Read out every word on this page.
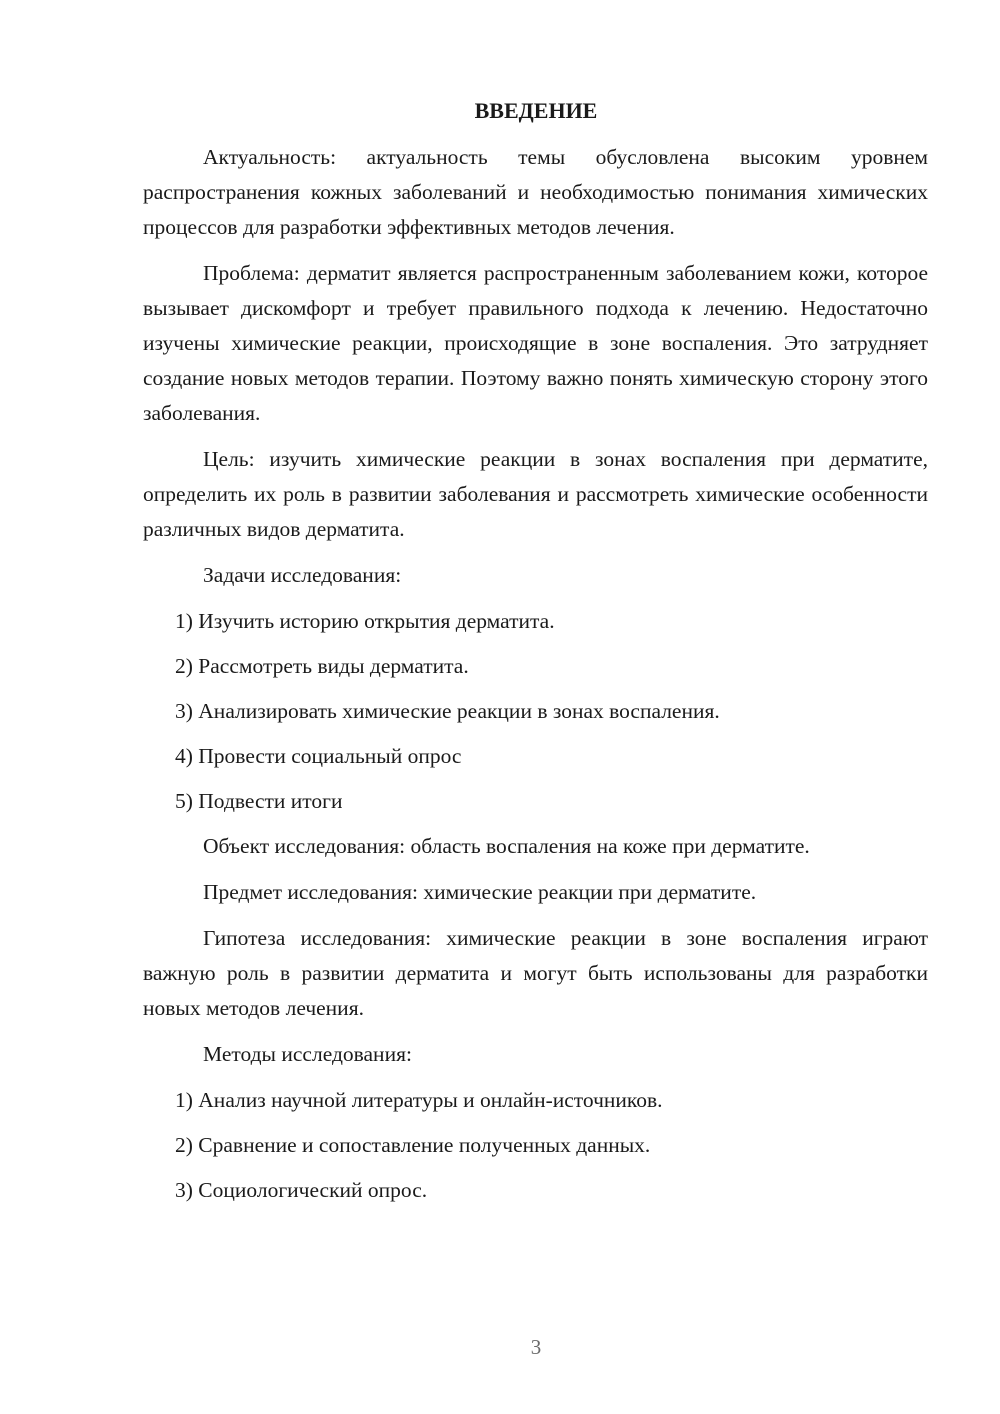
ВВЕДЕНИЕ

Актуальность: актуальность темы обусловлена высоким уровнем распространения кожных заболеваний и необходимостью понимания химических процессов для разработки эффективных методов лечения.

Проблема: дерматит является распространенным заболеванием кожи, которое вызывает дискомфорт и требует правильного подхода к лечению. Недостаточно изучены химические реакции, происходящие в зоне воспаления. Это затрудняет создание новых методов терапии. Поэтому важно понять химическую сторону этого заболевания.

Цель: изучить химические реакции в зонах воспаления при дерматите, определить их роль в развитии заболевания и рассмотреть химические особенности различных видов дерматита.

Задачи исследования:

1) Изучить историю открытия дерматита.

2) Рассмотреть виды дерматита.

3) Анализировать химические реакции в зонах воспаления.

4) Провести социальный опрос

5) Подвести итоги

Объект исследования: область воспаления на коже при дерматите.

Предмет исследования: химические реакции при дерматите.

Гипотеза исследования: химические реакции в зоне воспаления играют важную роль в развитии дерматита и могут быть использованы для разработки новых методов лечения.

Методы исследования:

1) Анализ научной литературы и онлайн-источников.

2) Сравнение и сопоставление полученных данных.

3) Социологический опрос.

3
